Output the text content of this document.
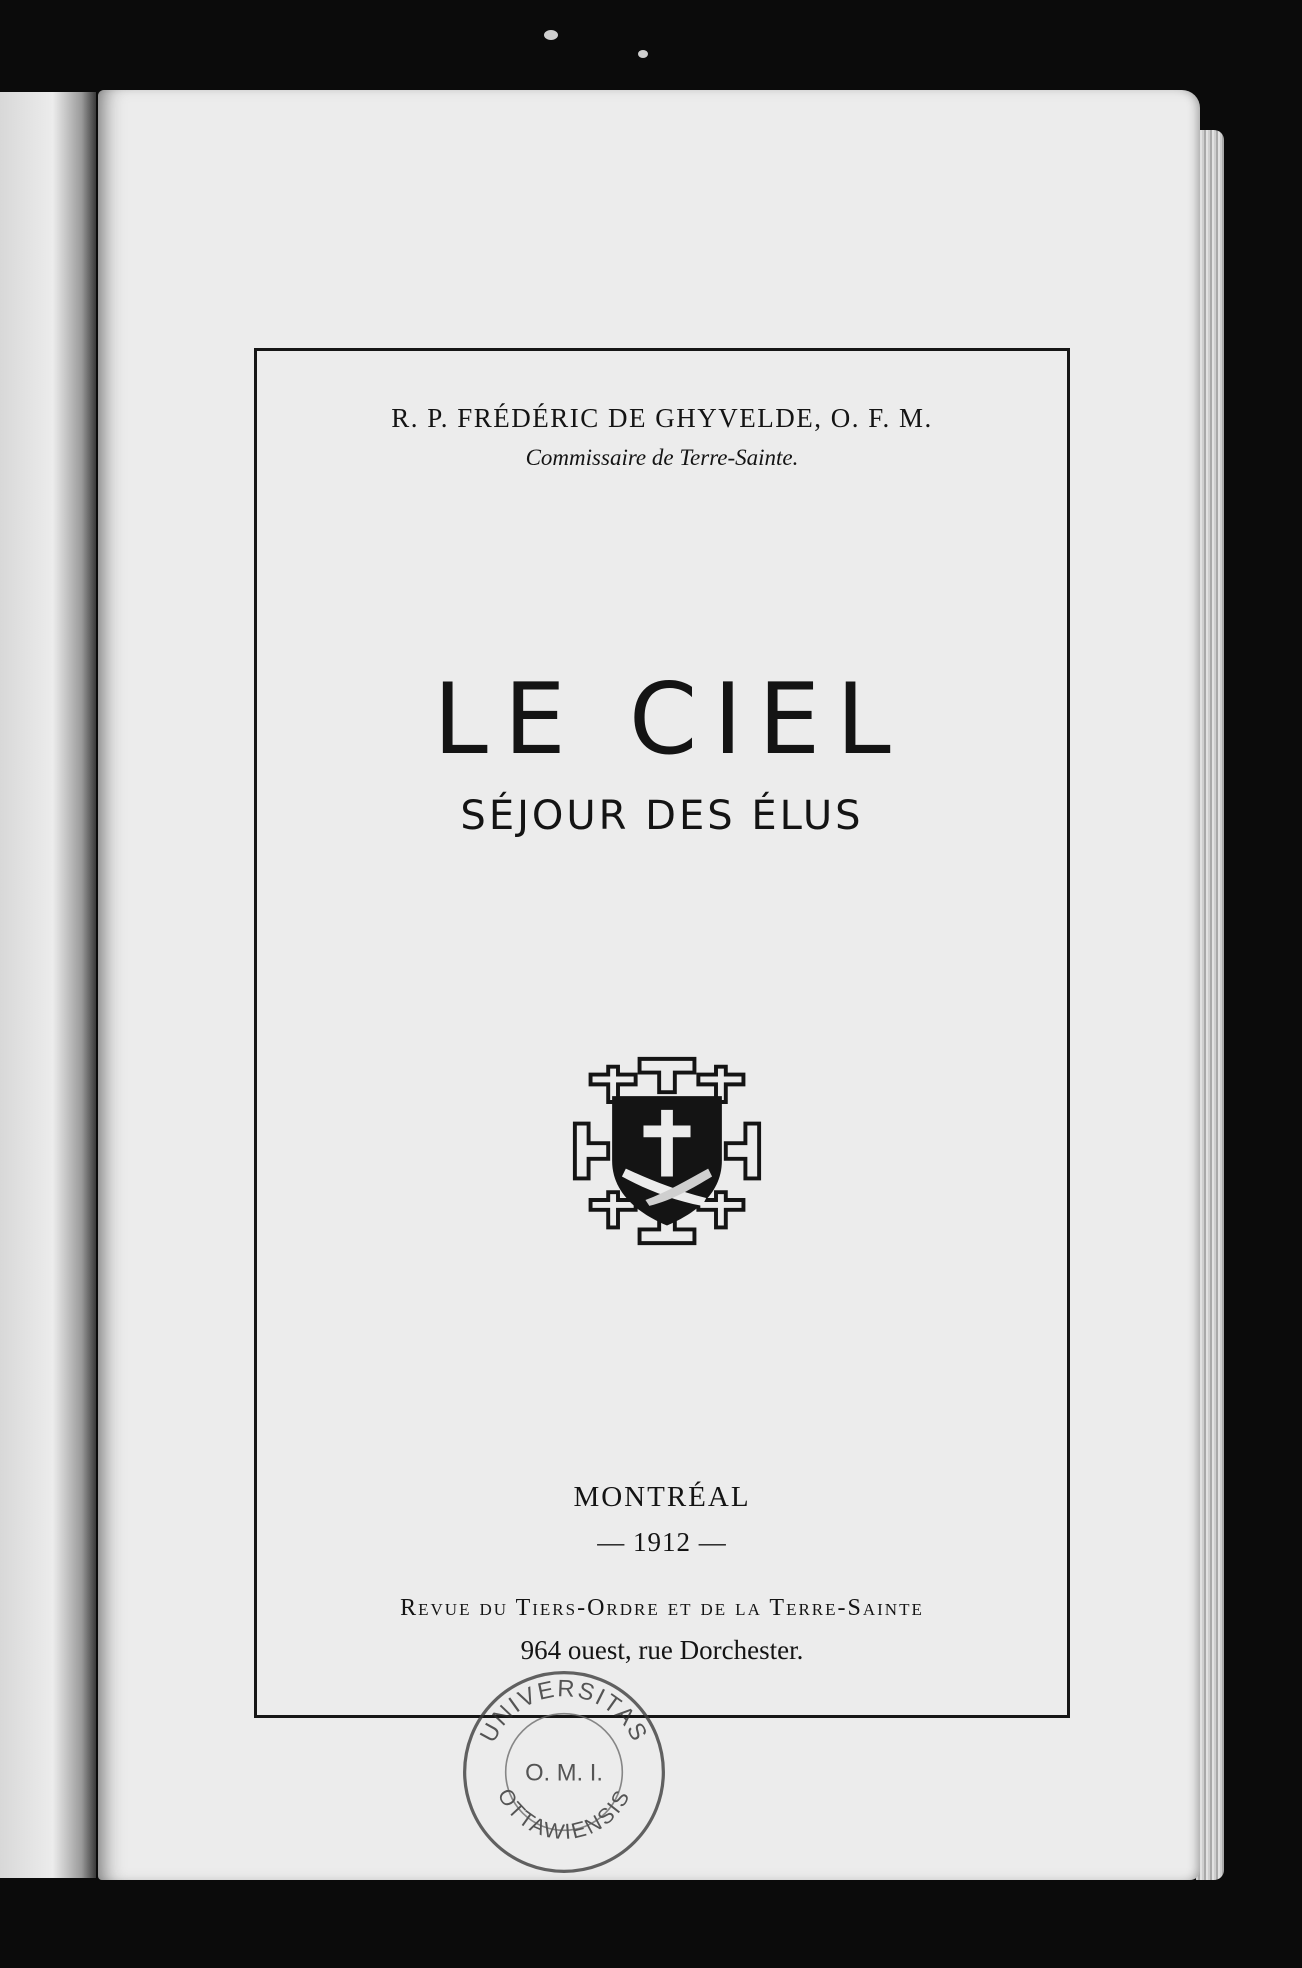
R. P. FRÉDÉRIC DE GHYVELDE, O. F. M.
Commissaire de Terre-Sainte.
LE CIEL
SÉJOUR DES ÉLUS
MONTRÉAL
— 1912 —
Revue du Tiers-Ordre et de la Terre-Sainte
964 ouest, rue Dorchester.
UNIVERSITAS
O. M. I.
OTTAWIENSIS
